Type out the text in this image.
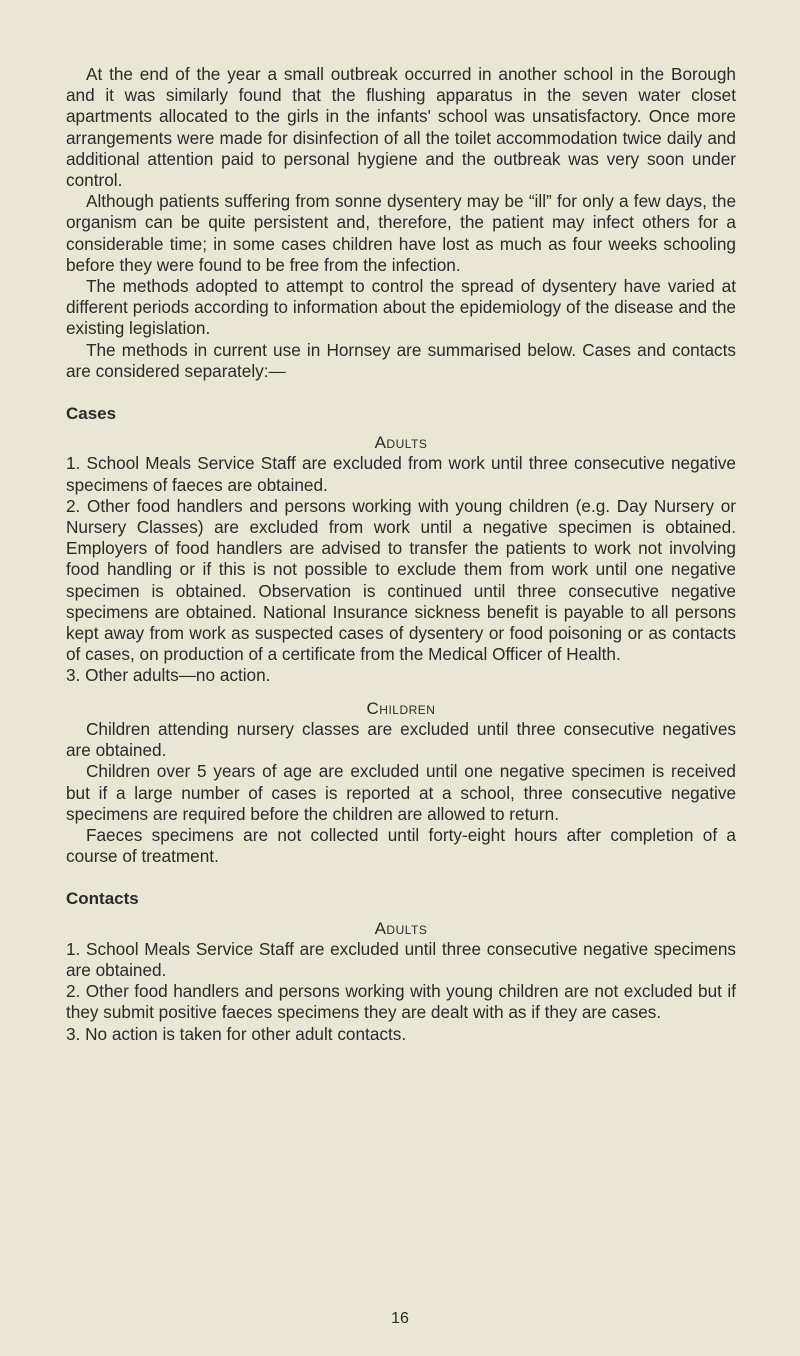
At the end of the year a small outbreak occurred in another school in the Borough and it was similarly found that the flushing apparatus in the seven water closet apartments allocated to the girls in the infants' school was unsatisfactory. Once more arrangements were made for disinfection of all the toilet accommodation twice daily and additional attention paid to personal hygiene and the outbreak was very soon under control.

Although patients suffering from sonne dysentery may be “ill” for only a few days, the organism can be quite persistent and, therefore, the patient may infect others for a considerable time; in some cases children have lost as much as four weeks schooling before they were found to be free from the infection.

The methods adopted to attempt to control the spread of dysentery have varied at different periods according to information about the epidemiology of the disease and the existing legislation.

The methods in current use in Hornsey are summarised below. Cases and contacts are considered separately:—

Cases

Adults

1. School Meals Service Staff are excluded from work until three consecutive negative specimens of faeces are obtained.

2. Other food handlers and persons working with young children (e.g. Day Nursery or Nursery Classes) are excluded from work until a negative specimen is obtained. Employers of food handlers are advised to transfer the patients to work not involving food handling or if this is not possible to exclude them from work until one negative specimen is obtained. Observation is continued until three consecutive negative specimens are obtained. National Insurance sickness benefit is payable to all persons kept away from work as suspected cases of dysentery or food poisoning or as contacts of cases, on production of a certificate from the Medical Officer of Health.

3. Other adults—no action.

Children

Children attending nursery classes are excluded until three consecutive negatives are obtained.

Children over 5 years of age are excluded until one negative specimen is received but if a large number of cases is reported at a school, three consecutive negative specimens are required before the children are allowed to return.

Faeces specimens are not collected until forty-eight hours after completion of a course of treatment.

Contacts

Adults

1. School Meals Service Staff are excluded until three consecutive negative specimens are obtained.

2. Other food handlers and persons working with young children are not excluded but if they submit positive faeces specimens they are dealt with as if they are cases.

3. No action is taken for other adult contacts.

16
